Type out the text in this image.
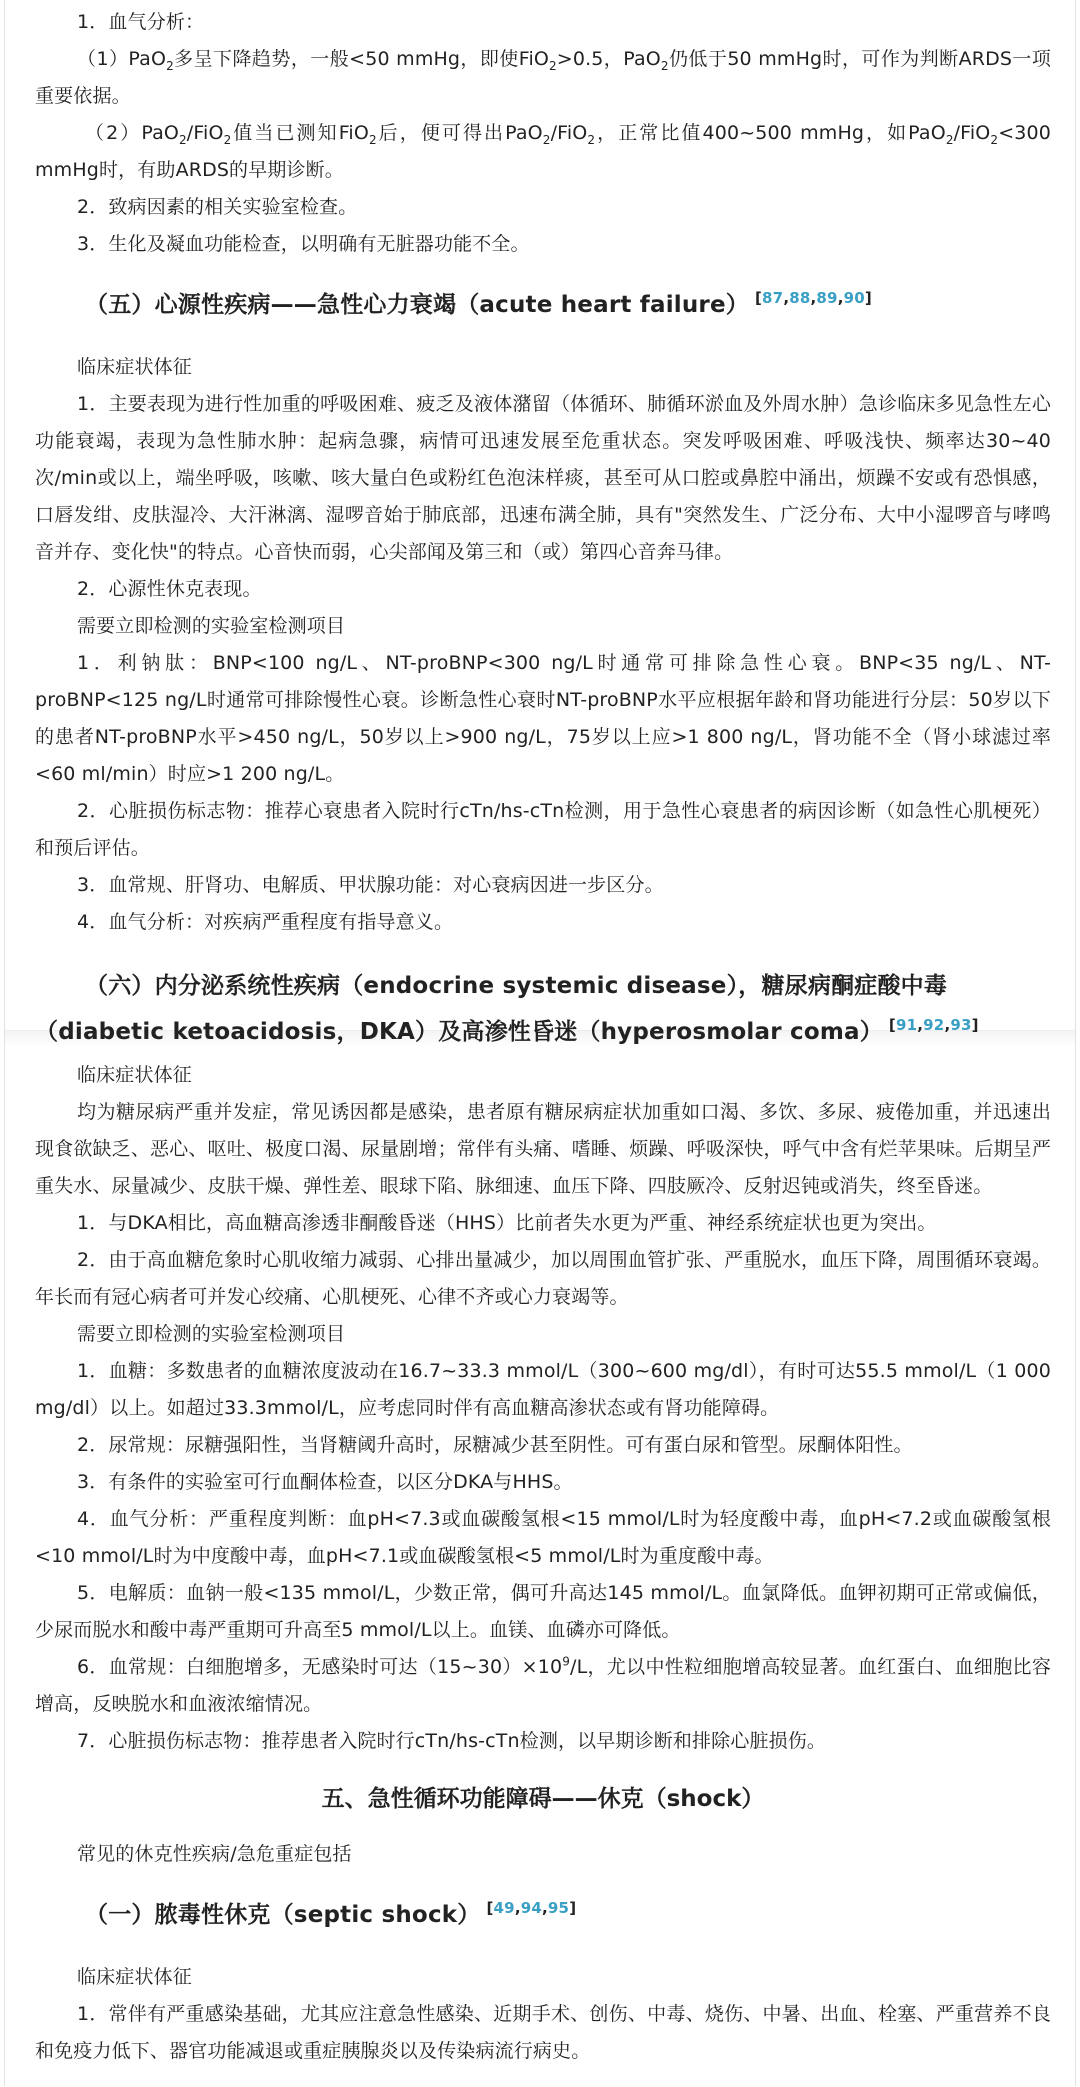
1．血气分析：

（1）PaO$_2$多呈下降趋势，一般<50 mmHg，即使FiO$_2$>0.5，PaO$_2$仍低于50 mmHg时，可作为判断ARDS一项重要依据。

（2）PaO$_2$/FiO$_2$值当已测知FiO$_2$后，便可得出PaO$_2$/FiO$_2$，正常比值400~500 mmHg，如PaO$_2$/FiO$_2$<300 mmHg时，有助ARDS的早期诊断。

2．致病因素的相关实验室检查。

3．生化及凝血功能检查，以明确有无脏器功能不全。

（五）心源性疾病——急性心力衰竭（acute heart failure） [87,88,89,90]

临床症状体征

1．主要表现为进行性加重的呼吸困难、疲乏及液体潴留（体循环、肺循环淤血及外周水肿）急诊临床多见急性左心功能衰竭，表现为急性肺水肿：起病急骤，病情可迅速发展至危重状态。突发呼吸困难、呼吸浅快、频率达30~40次/min或以上，端坐呼吸，咳嗽、咳大量白色或粉红色泡沫样痰，甚至可从口腔或鼻腔中涌出，烦躁不安或有恐惧感，口唇发绀、皮肤湿冷、大汗淋漓、湿啰音始于肺底部，迅速布满全肺，具有"突然发生、广泛分布、大中小湿啰音与哮鸣音并存、变化快"的特点。心音快而弱，心尖部闻及第三和（或）第四心音奔马律。

2．心源性休克表现。

需要立即检测的实验室检测项目

1．利钠肽：BNP<100 ng/L、NT-proBNP<300 ng/L时通常可排除急性心衰。BNP<35 ng/L、NT-proBNP<125 ng/L时通常可排除慢性心衰。诊断急性心衰时NT-proBNP水平应根据年龄和肾功能进行分层：50岁以下的患者NT-proBNP水平>450 ng/L，50岁以上>900 ng/L，75岁以上应>1 800 ng/L，肾功能不全（肾小球滤过率<60 ml/min）时应>1 200 ng/L。

2．心脏损伤标志物：推荐心衰患者入院时行cTn/hs-cTn检测，用于急性心衰患者的病因诊断（如急性心肌梗死）和预后评估。

3．血常规、肝肾功、电解质、甲状腺功能：对心衰病因进一步区分。

4．血气分析：对疾病严重程度有指导意义。

（六）内分泌系统性疾病（endocrine systemic disease），糖尿病酮症酸中毒（diabetic ketoacidosis，DKA）及高渗性昏迷（hyperosmolar coma） [91,92,93]

临床症状体征

均为糖尿病严重并发症，常见诱因都是感染，患者原有糖尿病症状加重如口渴、多饮、多尿、疲倦加重，并迅速出现食欲缺乏、恶心、呕吐、极度口渴、尿量剧增；常伴有头痛、嗜睡、烦躁、呼吸深快，呼气中含有烂苹果味。后期呈严重失水、尿量减少、皮肤干燥、弹性差、眼球下陷、脉细速、血压下降、四肢厥冷、反射迟钝或消失，终至昏迷。

1．与DKA相比，高血糖高渗透非酮酸昏迷（HHS）比前者失水更为严重、神经系统症状也更为突出。

2．由于高血糖危象时心肌收缩力减弱、心排出量减少，加以周围血管扩张、严重脱水，血压下降，周围循环衰竭。年长而有冠心病者可并发心绞痛、心肌梗死、心律不齐或心力衰竭等。

需要立即检测的实验室检测项目

1．血糖：多数患者的血糖浓度波动在16.7~33.3 mmol/L（300~600 mg/dl），有时可达55.5 mmol/L（1 000 mg/dl）以上。如超过33.3mmol/L，应考虑同时伴有高血糖高渗状态或有肾功能障碍。

2．尿常规：尿糖强阳性，当肾糖阈升高时，尿糖减少甚至阴性。可有蛋白尿和管型。尿酮体阳性。

3．有条件的实验室可行血酮体检查，以区分DKA与HHS。

4．血气分析：严重程度判断：血pH<7.3或血碳酸氢根<15 mmol/L时为轻度酸中毒，血pH<7.2或血碳酸氢根<10 mmol/L时为中度酸中毒，血pH<7.1或血碳酸氢根<5 mmol/L时为重度酸中毒。

5．电解质：血钠一般<135 mmol/L，少数正常，偶可升高达145 mmol/L。血氯降低。血钾初期可正常或偏低，少尿而脱水和酸中毒严重期可升高至5 mmol/L以上。血镁、血磷亦可降低。

6．血常规：白细胞增多，无感染时可达$(15\sim 30)\times 10^9/L$，尤以中性粒细胞增高较显著。血红蛋白、血细胞比容增高，反映脱水和血液浓缩情况。

7．心脏损伤标志物：推荐患者入院时行cTn/hs-cTn检测，以早期诊断和排除心脏损伤。

五、急性循环功能障碍——休克（shock）

常见的休克性疾病/急危重症包括

（一）脓毒性休克（septic shock） [49,94,95]

临床症状体征

1．常伴有严重感染基础，尤其应注意急性感染、近期手术、创伤、中毒、烧伤、中暑、出血、栓塞、严重营养不良和免疫力低下、器官功能减退或重症胰腺炎以及传染病流行病史。
